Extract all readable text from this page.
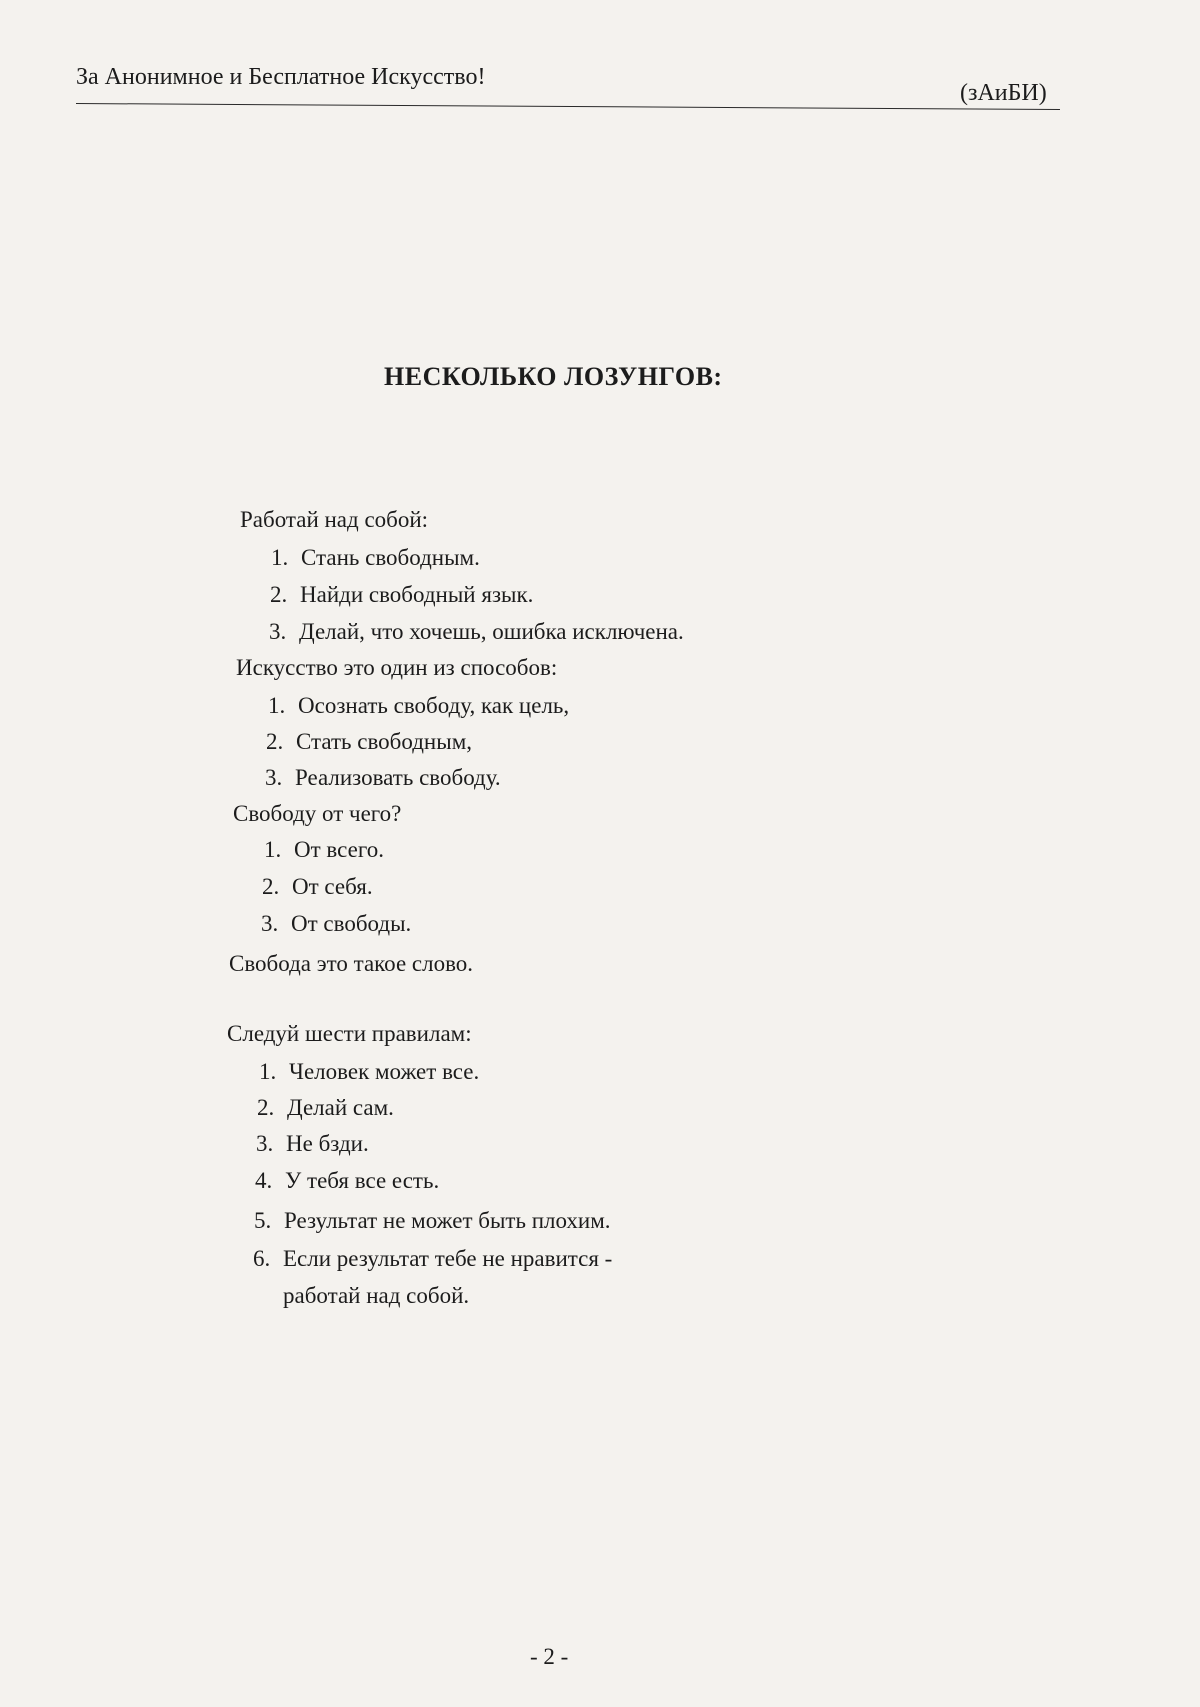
За Анонимное и Бесплатное Искусство!
(зАиБИ)
НЕСКОЛЬКО ЛОЗУНГОВ:
Работай над собой:
1. Стань свободным.
2. Найди свободный язык.
3. Делай, что хочешь, ошибка исключена.
Искусство это один из способов:
1. Осознать свободу, как цель,
2. Стать свободным,
3. Реализовать свободу.
Свободу от чего?
1. От всего.
2. От себя.
3. От свободы.
Свобода это такое слово.
Следуй шести правилам:
1. Человек может все.
2. Делай сам.
3. Не бзди.
4. У тебя все есть.
5. Результат не может быть плохим.
6. Если результат тебе не нравится -
работай над собой.
- 2 -
